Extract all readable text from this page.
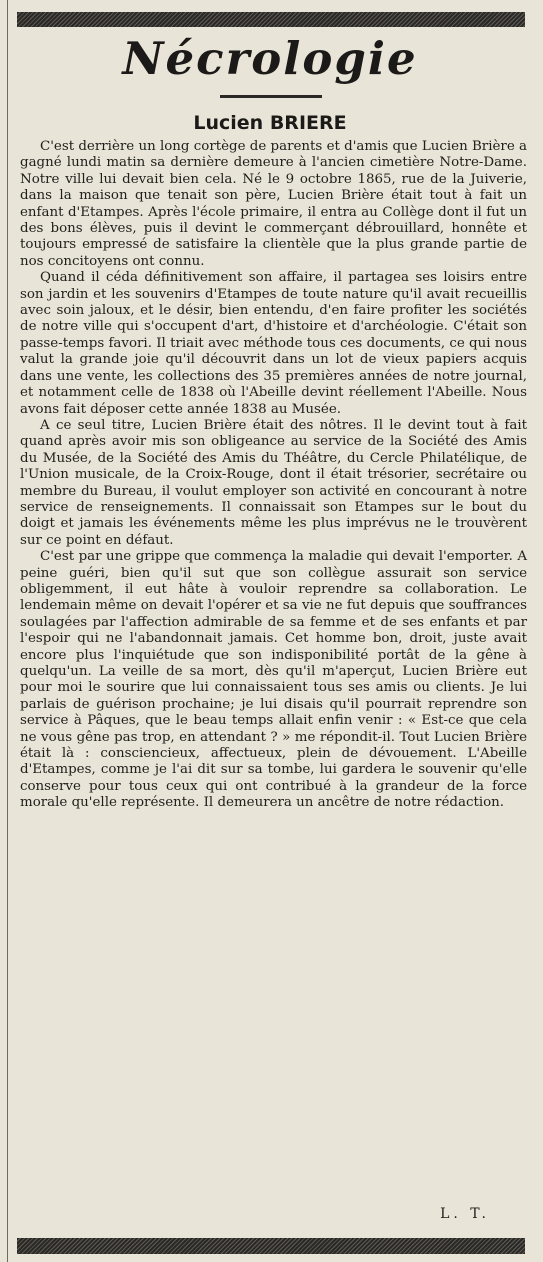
Nécrologie
Lucien BRIERE

C'est derrière un long cortège de parents et d'amis que Lucien Brière a gagné lundi matin sa dernière demeure à l'ancien cimetière Notre-Dame. Notre ville lui devait bien cela. Né le 9 octobre 1865, rue de la Juiverie, dans la maison que tenait son père, Lucien Brière était tout à fait un enfant d'Etampes. Après l'école primaire, il entra au Collège dont il fut un des bons élèves, puis il devint le commerçant débrouillard, honnête et toujours empressé de satisfaire la clientèle que la plus grande partie de nos concitoyens ont connu.

Quand il céda définitivement son affaire, il partagea ses loisirs entre son jardin et les souvenirs d'Etampes de toute nature qu'il avait recueillis avec soin jaloux, et le désir, bien entendu, d'en faire profiter les sociétés de notre ville qui s'occupent d'art, d'histoire et d'archéologie. C'était son passe-temps favori. Il triait avec méthode tous ces documents, ce qui nous valut la grande joie qu'il découvrit dans un lot de vieux papiers acquis dans une vente, les collections des 35 premières années de notre journal, et notamment celle de 1838 où l'Abeille devint réellement l'Abeille. Nous avons fait déposer cette année 1838 au Musée.

A ce seul titre, Lucien Brière était des nôtres. Il le devint tout à fait quand après avoir mis son obligeance au service de la Société des Amis du Musée, de la Société des Amis du Théâtre, du Cercle Philatélique, de l'Union musicale, de la Croix-Rouge, dont il était trésorier, secrétaire ou membre du Bureau, il voulut employer son activité en concourant à notre service de renseignements. Il connaissait son Etampes sur le bout du doigt et jamais les événements même les plus imprévus ne le trouvèrent sur ce point en défaut.

C'est par une grippe que commença la maladie qui devait l'emporter. A peine guéri, bien qu'il sut que son collègue assurait son service obligemment, il eut hâte à vouloir reprendre sa collaboration. Le lendemain même on devait l'opérer et sa vie ne fut depuis que souffrances soulagées par l'affection admirable de sa femme et de ses enfants et par l'espoir qui ne l'abandonnait jamais. Cet homme bon, droit, juste avait encore plus l'inquiétude que son indisponibilité portât de la gêne à quelqu'un. La veille de sa mort, dès qu'il m'aperçut, Lucien Brière eut pour moi le sourire que lui connaissaient tous ses amis ou clients. Je lui parlais de guérison prochaine; je lui disais qu'il pourrait reprendre son service à Pâques, que le beau temps allait enfin venir : « Est-ce que cela ne vous gêne pas trop, en attendant ? » me répondit-il. Tout Lucien Brière était là : consciencieux, affectueux, plein de dévouement. L'Abeille d'Etampes, comme je l'ai dit sur sa tombe, lui gardera le souvenir qu'elle conserve pour tous ceux qui ont contribué à la grandeur de la force morale qu'elle représente. Il demeurera un ancêtre de notre rédaction.

L. T.
